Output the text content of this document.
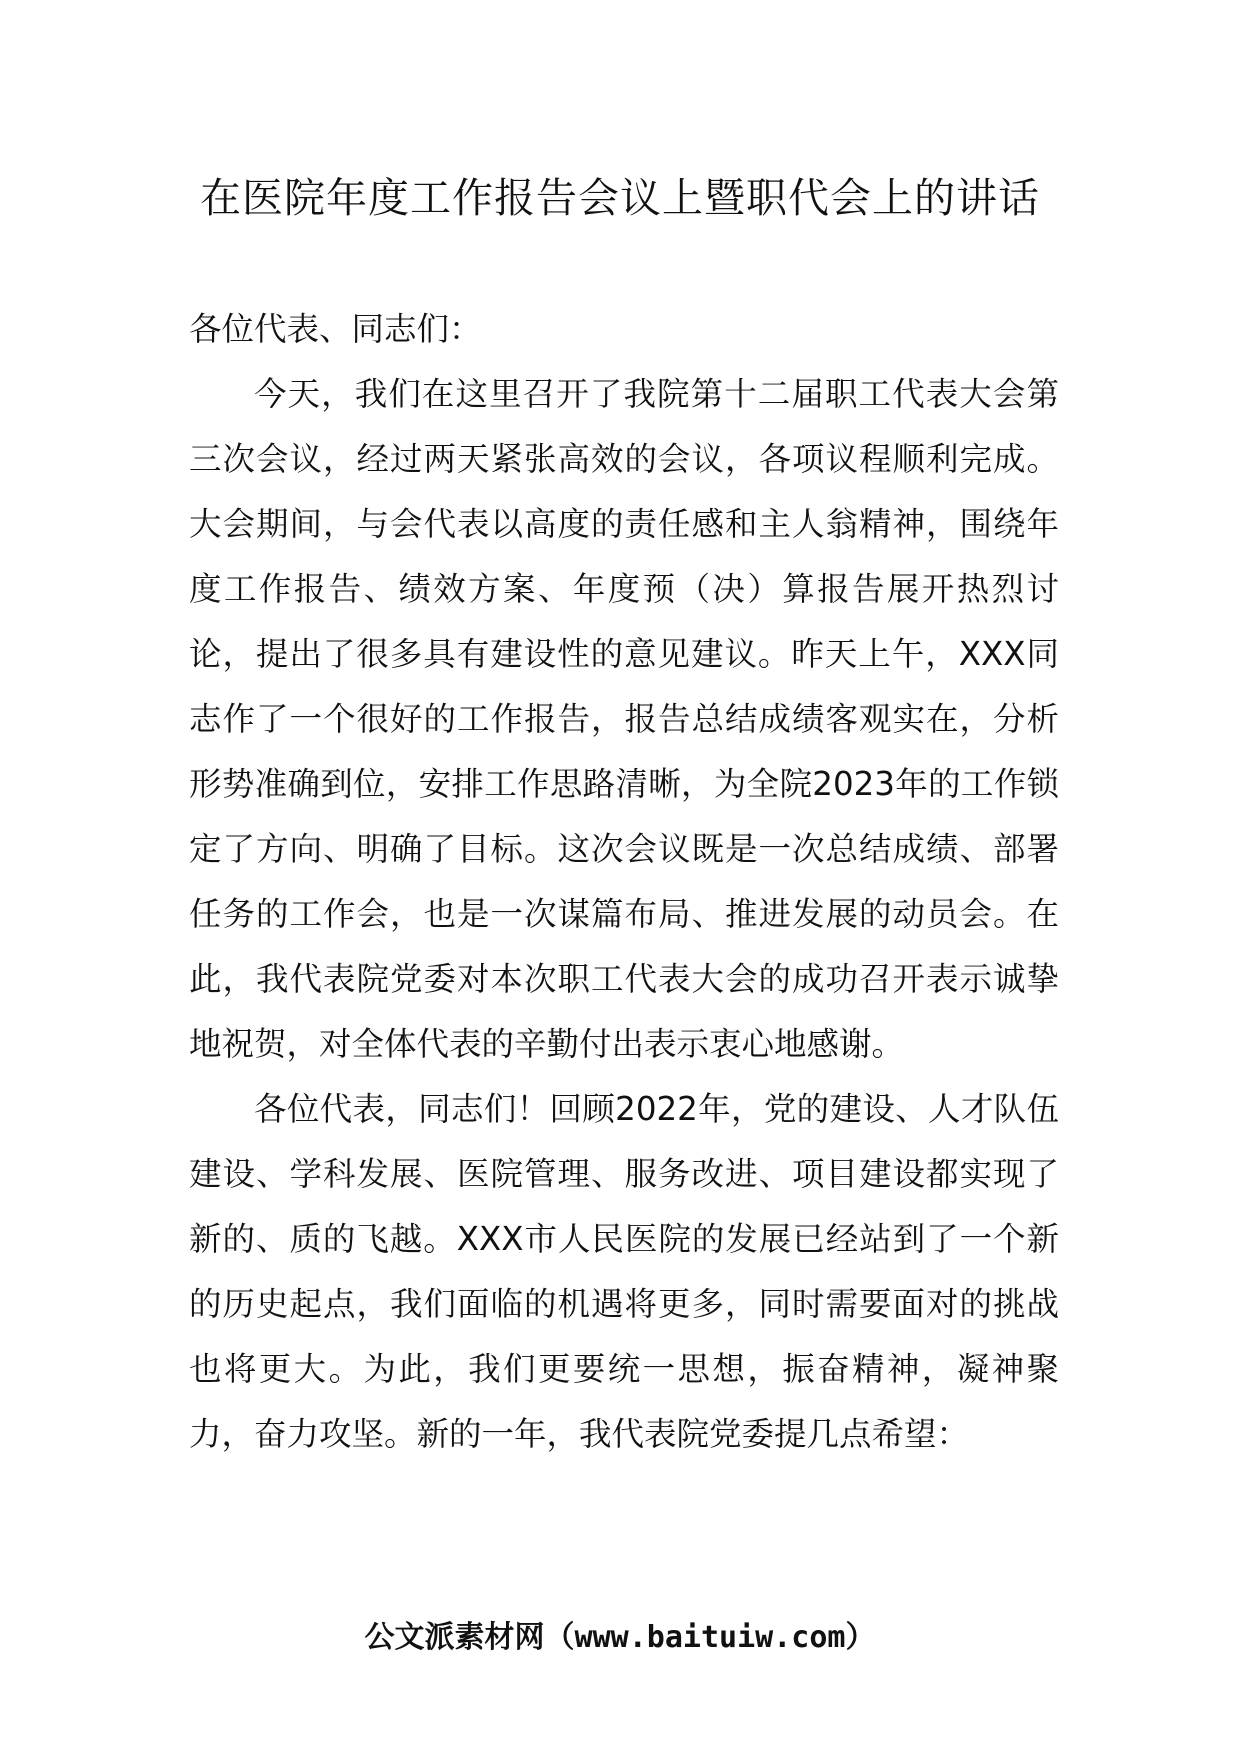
在医院年度工作报告会议上暨职代会上的讲话

各位代表、同志们：

今天，我们在这里召开了我院第十二届职工代表大会第三次会议，经过两天紧张高效的会议，各项议程顺利完成。大会期间，与会代表以高度的责任感和主人翁精神，围绕年度工作报告、绩效方案、年度预（决）算报告展开热烈讨论，提出了很多具有建设性的意见建议。昨天上午，XXX同志作了一个很好的工作报告，报告总结成绩客观实在，分析形势准确到位，安排工作思路清晰，为全院2023年的工作锁定了方向、明确了目标。这次会议既是一次总结成绩、部署任务的工作会，也是一次谋篇布局、推进发展的动员会。在此，我代表院党委对本次职工代表大会的成功召开表示诚挚地祝贺，对全体代表的辛勤付出表示衷心地感谢。

各位代表，同志们！回顾2022年，党的建设、人才队伍建设、学科发展、医院管理、服务改进、项目建设都实现了新的、质的飞越。XXX市人民医院的发展已经站到了一个新的历史起点，我们面临的机遇将更多，同时需要面对的挑战也将更大。为此，我们更要统一思想，振奋精神，凝神聚力，奋力攻坚。新的一年，我代表院党委提几点希望：

公文派素材网（www.baituiw.com）
